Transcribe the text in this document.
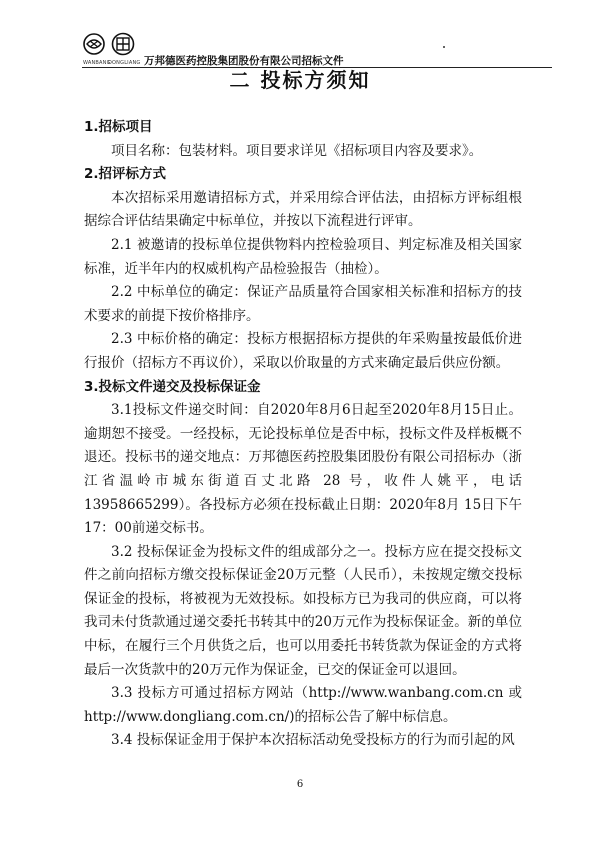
WANBANG
DONGLIANG 万邦德医药控股集团股份有限公司招标文件
二 投标方须知

1.招标项目

项目名称：包装材料。项目要求详见《招标项目内容及要求》。

2.招评标方式

本次招标采用邀请招标方式，并采用综合评估法，由招标方评标组根据综合评估结果确定中标单位，并按以下流程进行评审。

2.1 被邀请的投标单位提供物料内控检验项目、判定标准及相关国家标准，近半年内的权威机构产品检验报告（抽检）。

2.2 中标单位的确定：保证产品质量符合国家相关标准和招标方的技术要求的前提下按价格排序。

2.3 中标价格的确定：投标方根据招标方提供的年采购量按最低价进行报价（招标方不再议价），采取以价取量的方式来确定最后供应份额。

3.投标文件递交及投标保证金

3.1投标文件递交时间：自2020年8月6日起至2020年8月15日止。逾期恕不接受。一经投标，无论投标单位是否中标，投标文件及样板概不退还。投标书的递交地点：万邦德医药控股集团股份有限公司招标办（浙江省温岭市城东街道百丈北路 28 号，收件人姚平，电话13958665299）。各投标方必须在投标截止日期：2020年8月 15日下午17：00前递交标书。

3.2 投标保证金为投标文件的组成部分之一。投标方应在提交投标文件之前向招标方缴交投标保证金20万元整（人民币），未按规定缴交投标保证金的投标，将被视为无效投标。如投标方已为我司的供应商，可以将我司未付货款通过递交委托书转其中的20万元作为投标保证金。新的单位中标，在履行三个月供货之后，也可以用委托书转货款为保证金的方式将最后一次货款中的20万元作为保证金，已交的保证金可以退回。

3.3 投标方可通过招标方网站（http://www.wanbang.com.cn 或 http://www.dongliang.com.cn/)的招标公告了解中标信息。

3.4 投标保证金用于保护本次招标活动免受投标方的行为而引起的风

6
